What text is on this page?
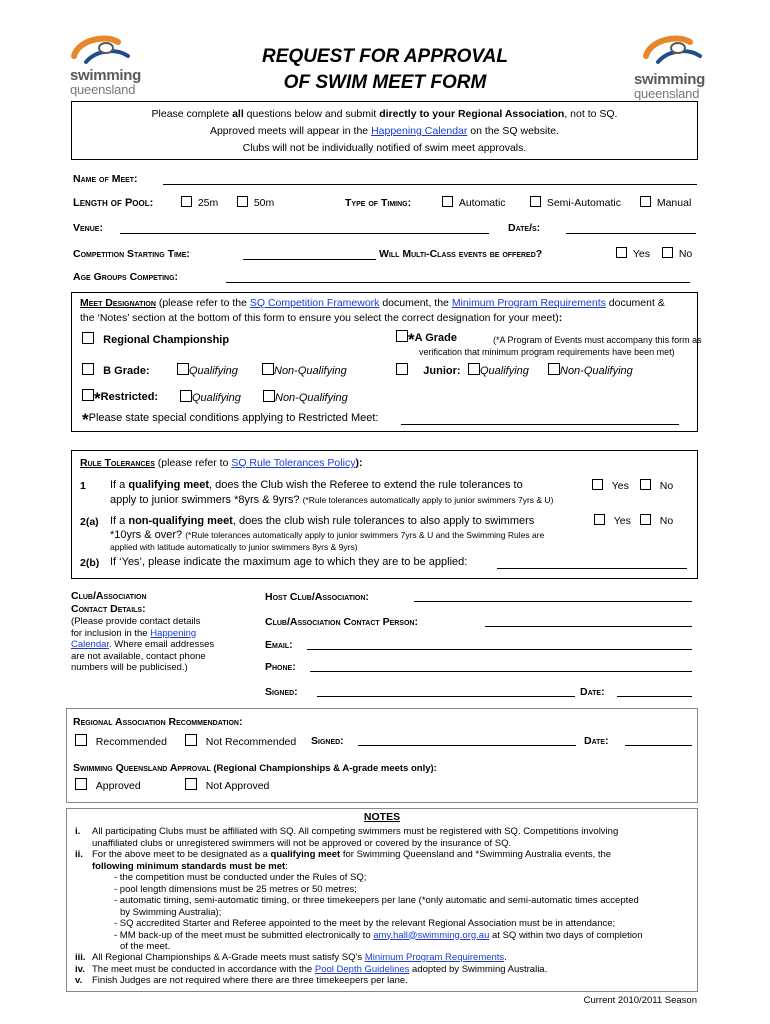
swimming
queensland
swimming
queensland
REQUEST FOR APPROVAL
OF SWIM MEET FORM
Please complete all questions below and submit directly to your Regional Association, not to SQ.
Approved meets will appear in the Happening Calendar on the SQ website.
Clubs will not be individually notified of swim meet approvals.
Name of Meet:
Length of Pool:	25m	50m	Type of Timing:	Automatic	Semi-Automatic	Manual
Venue:	Date/s:
Competition Starting Time:	Will Multi-Class events be offered?	Yes	No
Age Groups Competing:
Meet Designation (please refer to the SQ Competition Framework document, the Minimum Program Requirements document &
the ‘Notes’ section at the bottom of this form to ensure you select the correct designation for your meet):
Regional Championship	*A Grade	(*A Program of Events must accompany this form as
verification that minimum program requirements have been met)
B Grade:	Qualifying	Non-Qualifying	Junior:	Qualifying	Non-Qualifying
*Restricted:	Qualifying	Non-Qualifying
*Please state special conditions applying to Restricted Meet:
Rule Tolerances (please refer to SQ Rule Tolerances Policy):
1 If a qualifying meet, does the Club wish the Referee to extend the rule tolerances to
apply to junior swimmers *8yrs & 9yrs? (*Rule tolerances automatically apply to junior swimmers 7yrs & U)
Yes	No
2(a) If a non-qualifying meet, does the club wish rule tolerances to also apply to swimmers
*10yrs & over? (*Rule tolerances automatically apply to junior swimmers 7yrs & U and the Swimming Rules are
applied with latitude automatically to junior swimmers 8yrs & 9yrs)
Yes	No
2(b) If ‘Yes’, please indicate the maximum age to which they are to be applied:
Club/Association
Contact Details:
(Please provide contact details
for inclusion in the Happening
Calendar. Where email addresses
are not available, contact phone
numbers will be publicised.)
Host Club/Association:
Club/Association Contact Person:
Email:
Phone:
Signed:	Date:
Regional Association Recommendation:
Recommended	Not Recommended Signed:	Date:
Swimming Queensland Approval (Regional Championships & A-grade meets only):
Approved	Not Approved
NOTES
i. All participating Clubs must be affiliated with SQ. All competing swimmers must be registered with SQ. Competitions involving
unaffiliated clubs or unregistered swimmers will not be approved or covered by the insurance of SQ.
ii. For the above meet to be designated as a qualifying meet for Swimming Queensland and *Swimming Australia events, the
following minimum standards must be met:
- the competition must be conducted under the Rules of SQ;
- pool length dimensions must be 25 metres or 50 metres;
- automatic timing, semi-automatic timing, or three timekeepers per lane (*only automatic and semi-automatic times accepted
by Swimming Australia);
- SQ accredited Starter and Referee appointed to the meet by the relevant Regional Association must be in attendance;
- MM back-up of the meet must be submitted electronically to amy.hall@swimming.org.au at SQ within two days of completion
of the meet.
iii. All Regional Championships & A-Grade meets must satisfy SQ’s Minimum Program Requirements.
iv. The meet must be conducted in accordance with the Pool Depth Guidelines adopted by Swimming Australia.
v. Finish Judges are not required where there are three timekeepers per lane.
Current 2010/2011 Season
